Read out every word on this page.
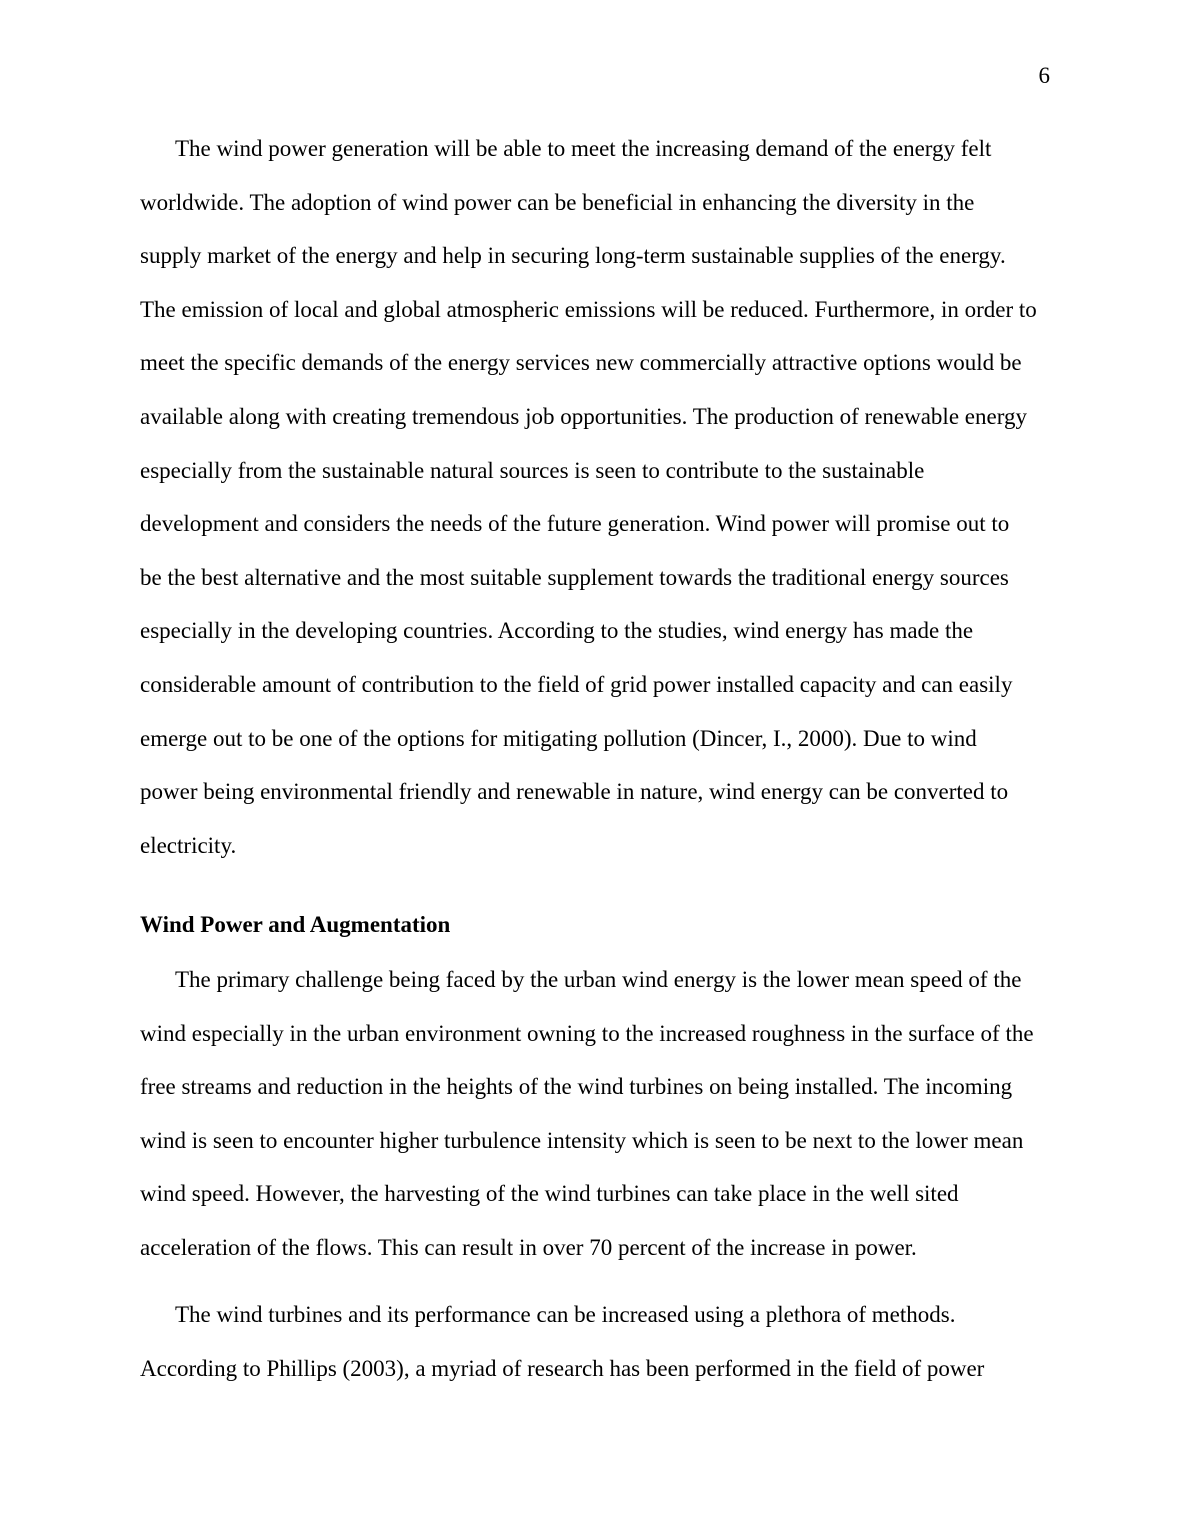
6
The wind power generation will be able to meet the increasing demand of the energy felt
worldwide. The adoption of wind power can be beneficial in enhancing the diversity in the
supply market of the energy and help in securing long-term sustainable supplies of the energy.
The emission of local and global atmospheric emissions will be reduced. Furthermore, in order to
meet the specific demands of the energy services new commercially attractive options would be
available along with creating tremendous job opportunities. The production of renewable energy
especially from the sustainable natural sources is seen to contribute to the sustainable
development and considers the needs of the future generation. Wind power will promise out to
be the best alternative and the most suitable supplement towards the traditional energy sources
especially in the developing countries. According to the studies, wind energy has made the
considerable amount of contribution to the field of grid power installed capacity and can easily
emerge out to be one of the options for mitigating pollution (Dincer, I., 2000). Due to wind
power being environmental friendly and renewable in nature, wind energy can be converted to
electricity.
Wind Power and Augmentation
The primary challenge being faced by the urban wind energy is the lower mean speed of the
wind especially in the urban environment owning to the increased roughness in the surface of the
free streams and reduction in the heights of the wind turbines on being installed. The incoming
wind is seen to encounter higher turbulence intensity which is seen to be next to the lower mean
wind speed. However, the harvesting of the wind turbines can take place in the well sited
acceleration of the flows. This can result in over 70 percent of the increase in power.
The wind turbines and its performance can be increased using a plethora of methods.
According to Phillips (2003), a myriad of research has been performed in the field of power
